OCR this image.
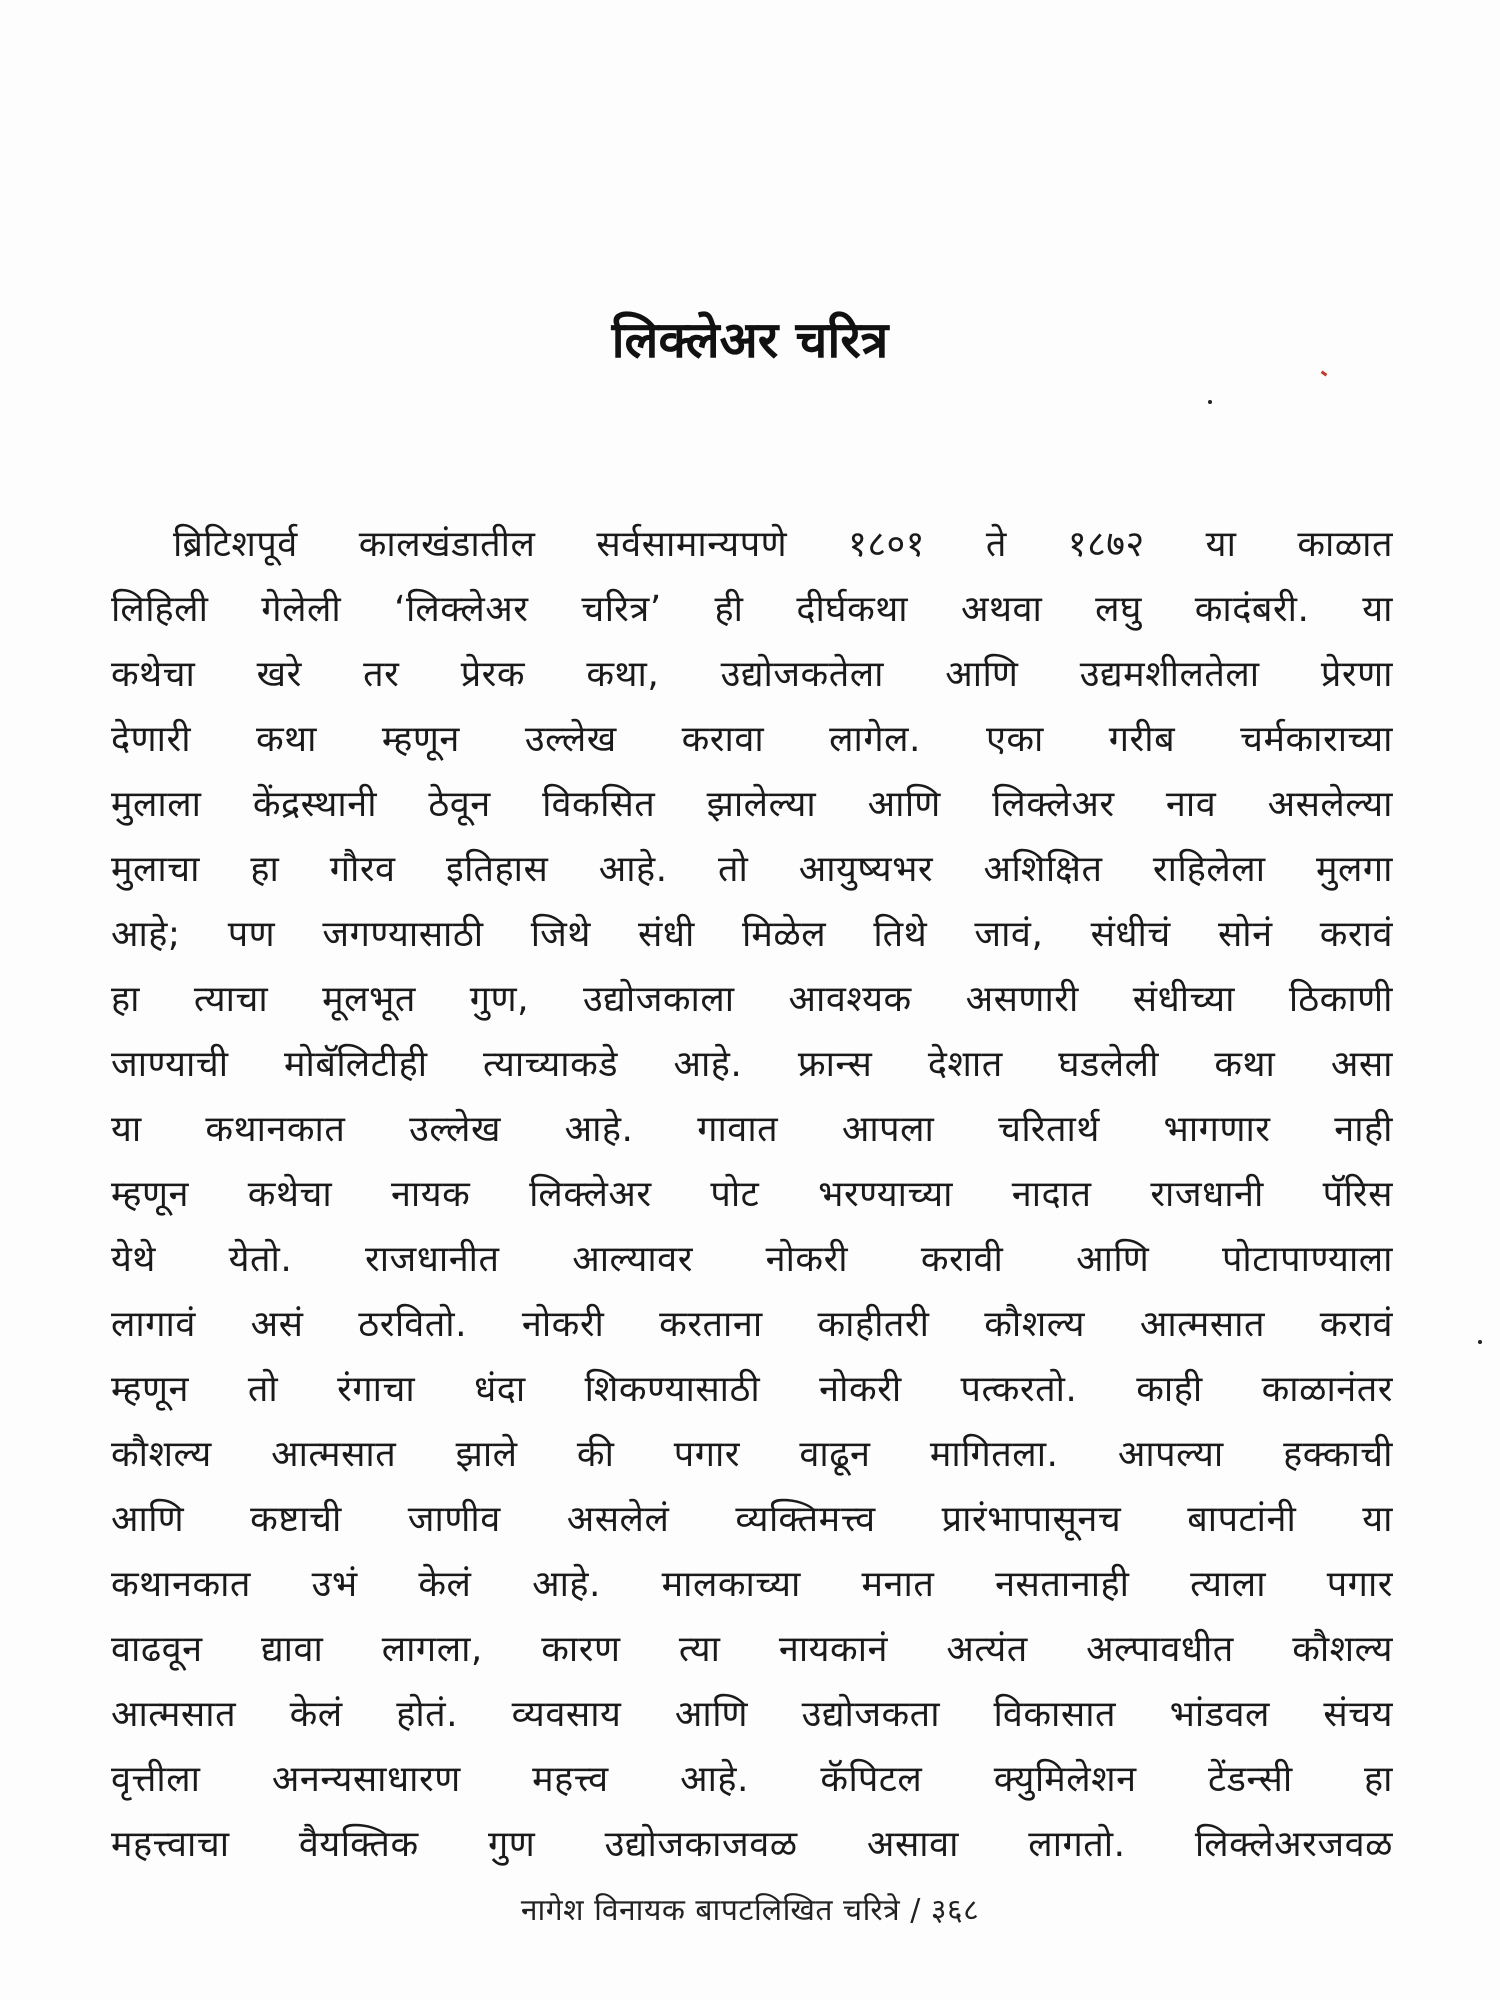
लिक्लेअर चरित्र
ब्रिटिशपूर्व कालखंडातील सर्वसामान्यपणे १८०१ ते १८७२ या काळात
लिहिली गेलेली ‘लिक्लेअर चरित्र’ ही दीर्घकथा अथवा लघु कादंबरी. या
कथेचा खरे तर प्रेरक कथा, उद्योजकतेला आणि उद्यमशीलतेला प्रेरणा
देणारी कथा म्हणून उल्लेख करावा लागेल. एका गरीब चर्मकाराच्या
मुलाला केंद्रस्थानी ठेवून विकसित झालेल्या आणि लिक्लेअर नाव असलेल्या
मुलाचा हा गौरव इतिहास आहे. तो आयुष्यभर अशिक्षित राहिलेला मुलगा
आहे; पण जगण्यासाठी जिथे संधी मिळेल तिथे जावं, संधीचं सोनं करावं
हा त्याचा मूलभूत गुण, उद्योजकाला आवश्यक असणारी संधीच्या ठिकाणी
जाण्याची मोबॅलिटीही त्याच्याकडे आहे. फ्रान्स देशात घडलेली कथा असा
या कथानकात उल्लेख आहे. गावात आपला चरितार्थ भागणार नाही
म्हणून कथेचा नायक लिक्लेअर पोट भरण्याच्या नादात राजधानी पॅरिस
येथे येतो. राजधानीत आल्यावर नोकरी करावी आणि पोटापाण्याला
लागावं असं ठरवितो. नोकरी करताना काहीतरी कौशल्य आत्मसात करावं
म्हणून तो रंगाचा धंदा शिकण्यासाठी नोकरी पत्करतो. काही काळानंतर
कौशल्य आत्मसात झाले की पगार वाढून मागितला. आपल्या हक्काची
आणि कष्टाची जाणीव असलेलं व्यक्तिमत्त्व प्रारंभापासूनच बापटांनी या
कथानकात उभं केलं आहे. मालकाच्या मनात नसतानाही त्याला पगार
वाढवून द्यावा लागला, कारण त्या नायकानं अत्यंत अल्पावधीत कौशल्य
आत्मसात केलं होतं. व्यवसाय आणि उद्योजकता विकासात भांडवल संचय
वृत्तीला अनन्यसाधारण महत्त्व आहे. कॅपिटल क्युमिलेशन टेंडन्सी हा
महत्त्वाचा वैयक्तिक गुण उद्योजकाजवळ असावा लागतो. लिक्लेअरजवळ
नागेश विनायक बापटलिखित चरित्रे / ३६८
